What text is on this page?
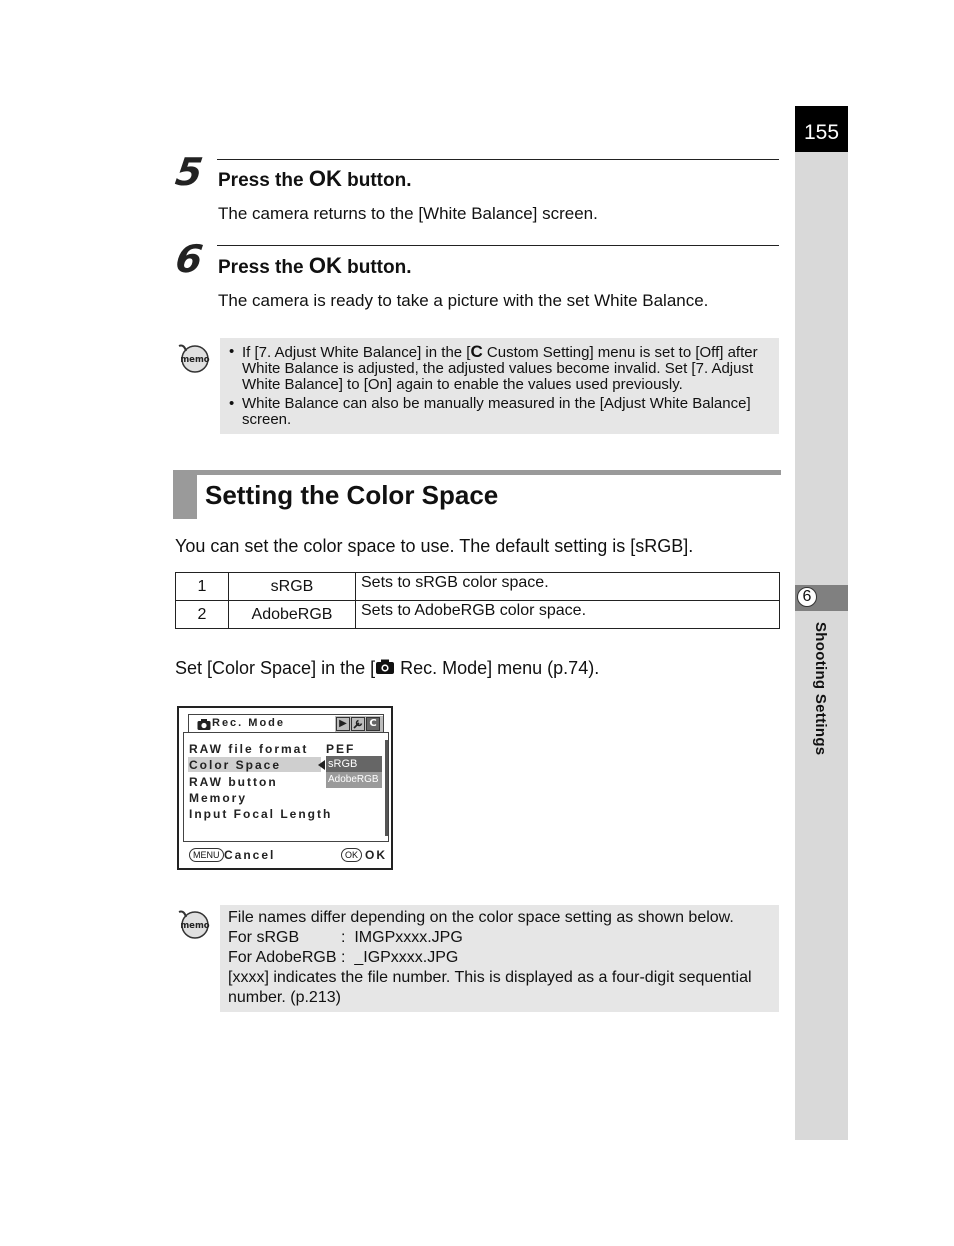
155
6
Shooting Settings
5 Press the OK button.
The camera returns to the [White Balance] screen.
6 Press the OK button.
The camera is ready to take a picture with the set White Balance.
memo	• If [7. Adjust White Balance] in the [C Custom Setting] menu is set to [Off] after White Balance is adjusted, the adjusted values become invalid. Set [7. Adjust White Balance] to [On] again to enable the values used previously.
• White Balance can also be manually measured in the [Adjust White Balance] screen.
Setting the Color Space
You can set the color space to use. The default setting is [sRGB].
1	sRGB	Sets to sRGB color space.
2	AdobeRGB	Sets to AdobeRGB color space.
Set [Color Space] in the [ Rec. Mode] menu (p.74).
Rec. Mode	▶	C
RAW file format PEF
Color Space	sRGB
AdobeRGB
RAW button
Memory
Input Focal Length
MENU Cancel	OK OK
memo File names differ depending on the color space setting as shown below.
For sRGB	: IMGPxxxx.JPG
For AdobeRGB : _IGPxxxx.JPG
[xxxx] indicates the file number. This is displayed as a four-digit sequential number. (p.213)
